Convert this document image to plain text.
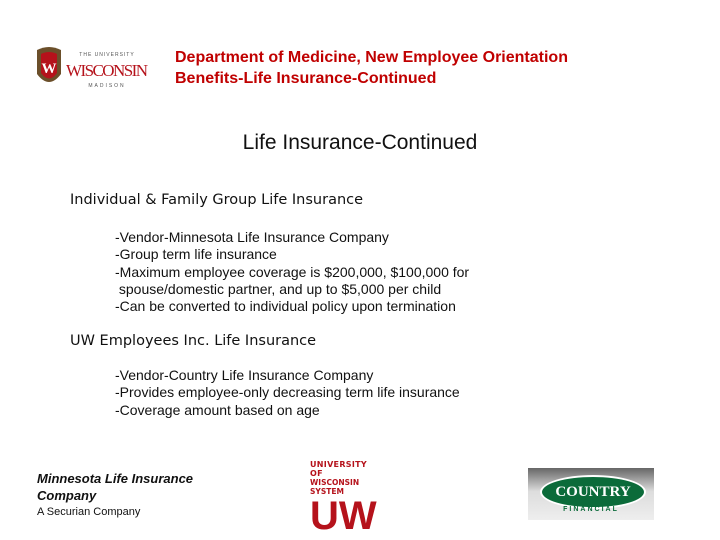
W
THE UNIVERSITY
WISCONSIN
MADISON
Department of Medicine, New Employee Orientation
Benefits-Life Insurance-Continued
Life Insurance-Continued
Individual & Family Group Life Insurance
-Vendor-Minnesota Life Insurance Company
-Group term life insurance
-Maximum employee coverage is $200,000, $100,000 for
spouse/domestic partner, and up to $5,000 per child
-Can be converted to individual policy upon termination
UW Employees Inc. Life Insurance
-Vendor-Country Life Insurance Company
-Provides employee-only decreasing term life insurance
-Coverage amount based on age
Minnesota Life Insurance
Company
A Securian Company
UNIVERSITY OF
WISCONSIN SYSTEM
UW
COUNTRY
FINANCIAL
